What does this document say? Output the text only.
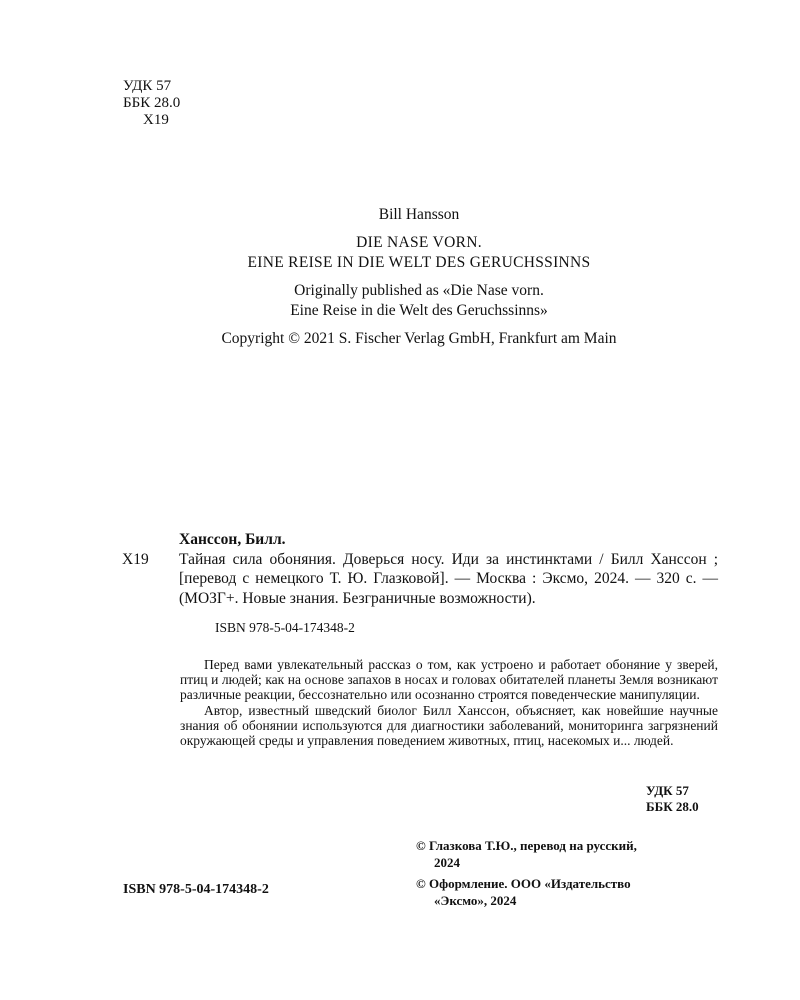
УДК 57
ББК 28.0
Х19
Bill Hansson
DIE NASE VORN.
EINE REISE IN DIE WELT DES GERUCHSSINNS
Originally published as «Die Nase vorn.
Eine Reise in die Welt des Geruchssinns»
Copyright © 2021 S. Fischer Verlag GmbH, Frankfurt am Main
Хансcон, Билл.
Х19	Тайная сила обоняния. Доверься носу. Иди за инстинктами / Билл Хансcон ; [перевод с немецкого Т. Ю. Глазковой]. — Москва : Эксмо, 2024. — 320 с. — (МОЗГ+. Новые знания. Безграничные возможности).
ISBN 978-5-04-174348-2

Перед вами увлекательный рассказ о том, как устроено и работает обоняние у зверей, птиц и людей; как на основе запахов в носах и головах обитателей планеты Земля возникают различные реакции, бессознательно или осознанно строятся поведенческие манипуляции.

Автор, известный шведский биолог Билл Хансcон, объясняет, как новейшие научные знания об обонянии используются для диагностики заболеваний, мониторинга загрязнений окружающей среды и управления поведением животных, птиц, насекомых и... людей.

УДК 57
ББК 28.0
© Глазкова Т.Ю., перевод на русский,
2024
© Оформление. ООО «Издательство
«Эксмо», 2024
ISBN 978-5-04-174348-2
